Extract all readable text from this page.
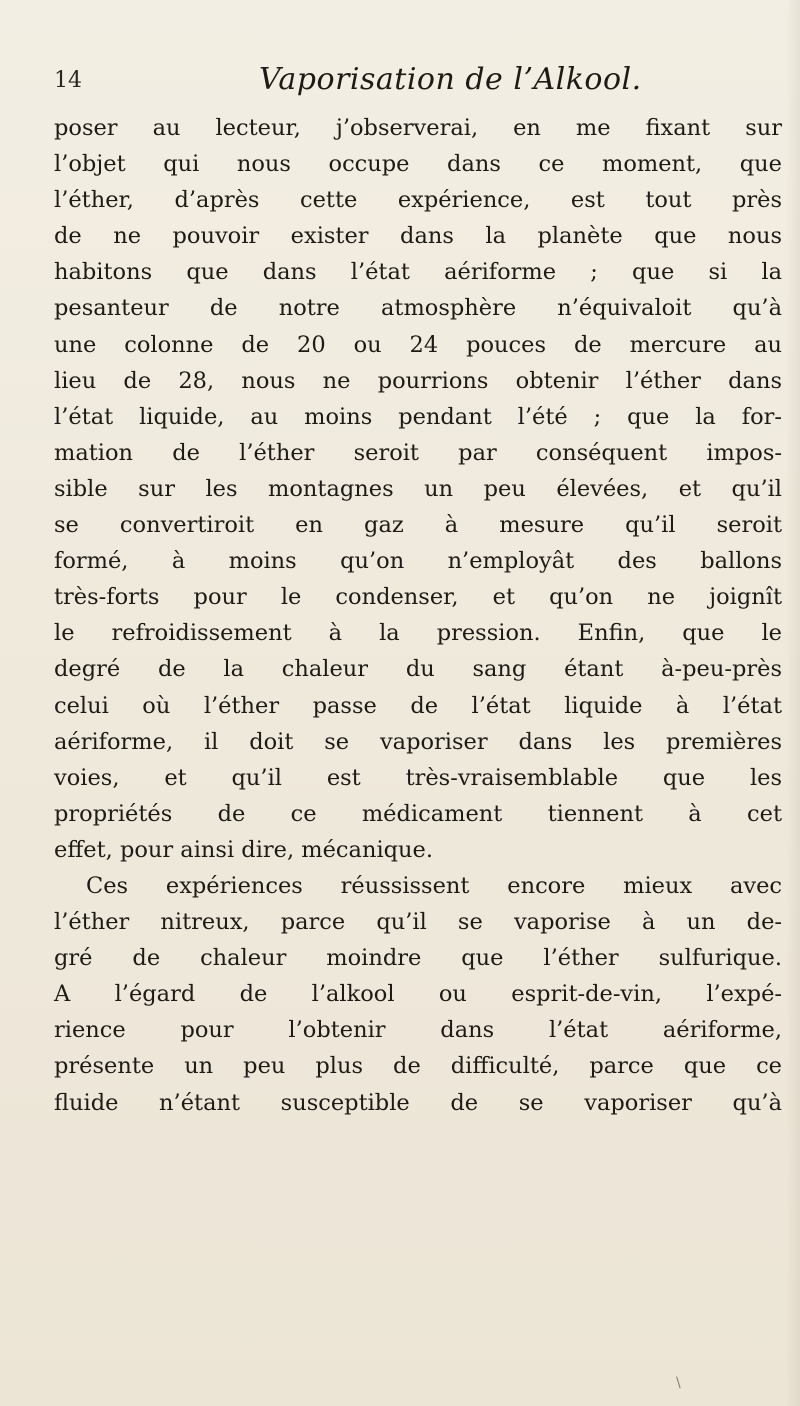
14	Vaporisation de l’Alkool.
poser au lecteur, j’observerai, en me fixant sur
l’objet qui nous occupe dans ce moment, que
l’éther, d’après cette expérience, est tout près
de ne pouvoir exister dans la planète que nous
habitons que dans l’état aériforme ; que si la
pesanteur de notre atmosphère n’équivaloit qu’à
une colonne de 20 ou 24 pouces de mercure au
lieu de 28, nous ne pourrions obtenir l’éther dans
l’état liquide, au moins pendant l’été ; que la for-
mation de l’éther seroit par conséquent impos-
sible sur les montagnes un peu élevées, et qu’il
se convertiroit en gaz à mesure qu’il seroit
formé, à moins qu’on n’employât des ballons
très-forts pour le condenser, et qu’on ne joignît
le refroidissement à la pression. Enfin, que le
degré de la chaleur du sang étant à-peu-près
celui où l’éther passe de l’état liquide à l’état
aériforme, il doit se vaporiser dans les premières
voies, et qu’il est très-vraisemblable que les
propriétés de ce médicament tiennent à cet
effet, pour ainsi dire, mécanique.
Ces expériences réussissent encore mieux avec
l’éther nitreux, parce qu’il se vaporise à un de-
gré de chaleur moindre que l’éther sulfurique.
A l’égard de l’alkool ou esprit-de-vin, l’expé-
rience pour l’obtenir dans l’état aériforme,
présente un peu plus de difficulté, parce que ce
fluide n’étant susceptible de se vaporiser qu’à
\
